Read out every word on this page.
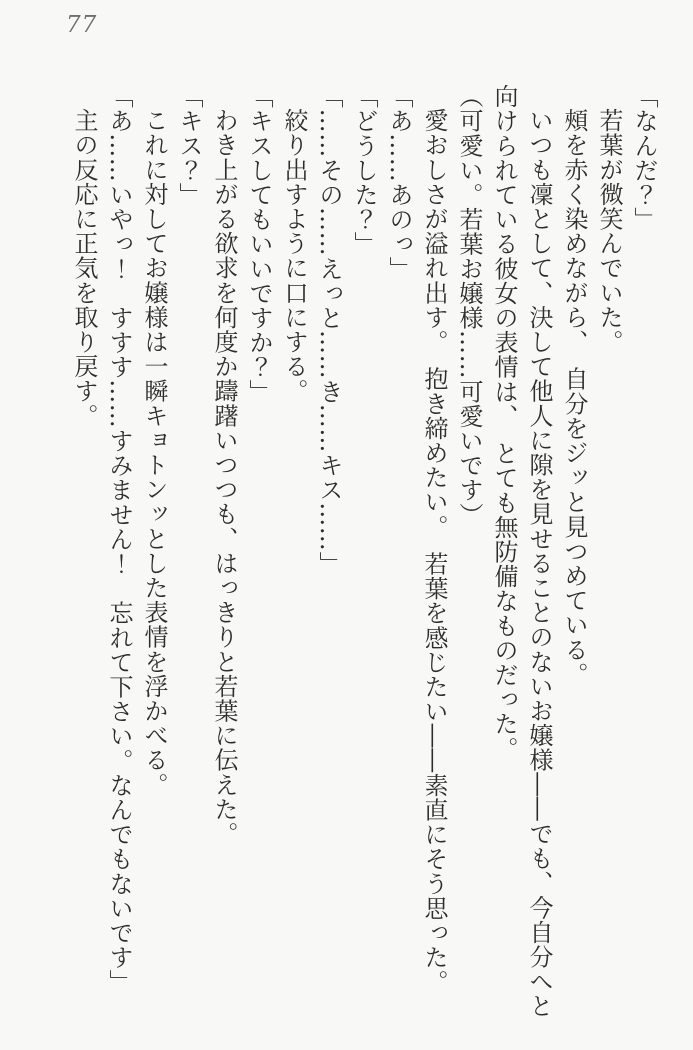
77

「なんだ？」

若葉が微笑んでいた。

頰を赤く染めながら、　自分をジッと見つめている。

いつも凜として、決して他人に隙を見せることのないお嬢様――でも、今自分へと

向けられている彼女の表情は、　とても無防備なものだった。

（可愛い。若葉お嬢様……可愛いです）

愛おしさが溢れ出す。　抱き締めたい。　若葉を感じたい――素直にそう思った。

「あ……あのっ」

「どうした？」

「……その……えっと……き……キス……」

絞り出すように口にする。

「キスしてもいいですか？」

わき上がる欲求を何度か躊躇いつつも、はっきりと若葉に伝えた。

「キス？」

これに対してお嬢様は一瞬キョトンッとした表情を浮かべる。

「あ……いやっ！　すすす……すみません！　忘れて下さい。なんでもないです」

主の反応に正気を取り戻す。
